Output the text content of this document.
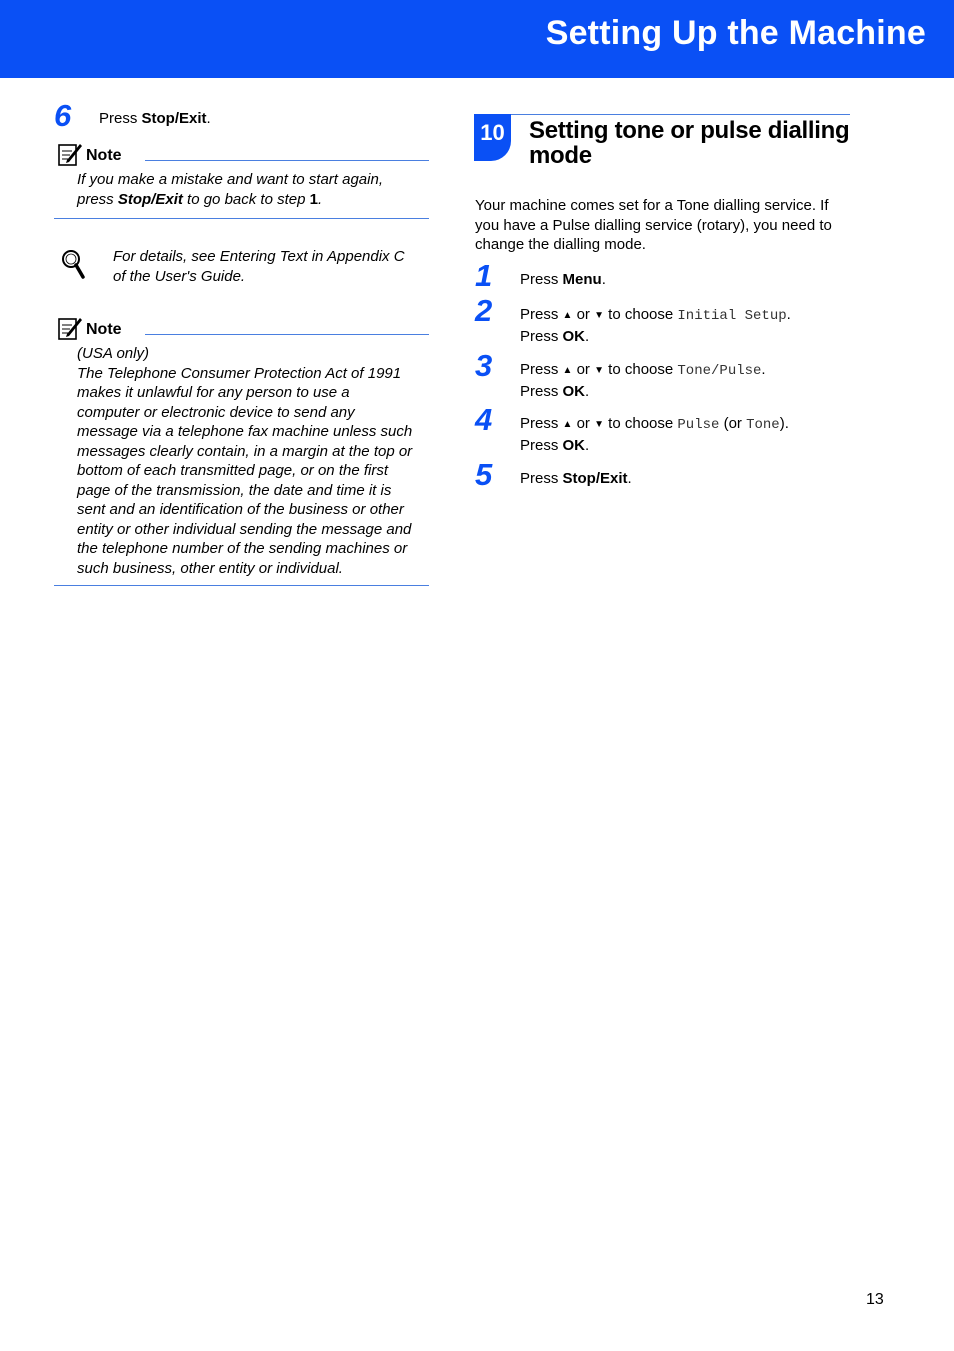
Setting Up the Machine
6 Press Stop/Exit.
Note
If you make a mistake and want to start again,
press Stop/Exit to go back to step 1.
For details, see Entering Text in Appendix C
of the User's Guide.
Note
(USA only)
The Telephone Consumer Protection Act of 1991
makes it unlawful for any person to use a
computer or electronic device to send any
message via a telephone fax machine unless such
messages clearly contain, in a margin at the top or
bottom of each transmitted page, or on the first
page of the transmission, the date and time it is
sent and an identification of the business or other
entity or other individual sending the message and
the telephone number of the sending machines or
such business, other entity or individual.
10 Setting tone or pulse dialling
mode
Your machine comes set for a Tone dialling service. If
you have a Pulse dialling service (rotary), you need to
change the dialling mode.
1 Press Menu.
2 Press ▲ or ▼ to choose Initial Setup.
Press OK.
3 Press ▲ or ▼ to choose Tone/Pulse.
Press OK.
4 Press ▲ or ▼ to choose Pulse (or Tone).
Press OK.
5 Press Stop/Exit.
13
